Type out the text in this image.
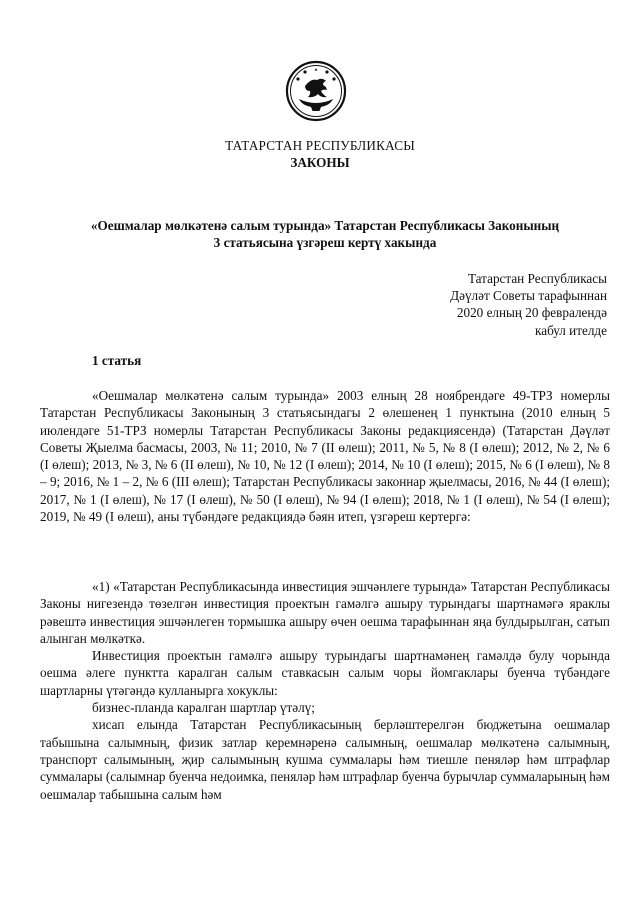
ТАТАРСТАН РЕСПУБЛИКАСЫ
ЗАКОНЫ
«Оешмалар мөлкәтенә салым турында» Татарстан Республикасы Законының
3 статьясына үзгәреш кертү хакында
Татарстан Республикасы
Дәүләт Советы тарафыннан
2020 елның 20 февралендә
кабул ителде
1 статья

«Оешмалар мөлкәтенә салым турында» 2003 елның 28 ноябрендәге 49-ТРЗ номерлы Татарстан Республикасы Законының 3 статьясындагы 2 өлешенең 1 пунктына (2010 елның 5 июлендәге 51-ТРЗ номерлы Татарстан Республикасы Законы редакциясендә) (Татарстан Дәүләт Советы Җыелма басмасы, 2003, № 11; 2010, № 7 (II өлеш); 2011, № 5, № 8 (I өлеш); 2012, № 2, № 6 (I өлеш); 2013, № 3, № 6 (II өлеш), № 10, № 12 (I өлеш); 2014, № 10 (I өлеш); 2015, № 6 (I өлеш), № 8 – 9; 2016, № 1 – 2, № 6 (III өлеш); Татарстан Республикасы законнар җыелмасы, 2016, № 44 (I өлеш); 2017, № 1 (I өлеш), № 17 (I өлеш), № 50 (I өлеш), № 94 (I өлеш); 2018, № 1 (I өлеш), № 54 (I өлеш); 2019, № 49 (I өлеш), аны түбәндәге редакциядә бәян итеп, үзгәреш кертергә:

«1) «Татарстан Республикасында инвестиция эшчәнлеге турында» Татарстан Республикасы Законы нигезендә төзелгән инвестиция проектын гамәлгә ашыру турындагы шартнамәгә яраклы рәвештә инвестиция эшчәнлеген тормышка ашыру өчен оешма тарафыннан яңа булдырылган, сатып алынган мөлкәткә.

Инвестиция проектын гамәлгә ашыру турындагы шартнамәнең гамәлдә булу чорында оешма әлеге пунктта каралган салым ставкасын салым чоры йомгаклары буенча түбәндәге шартларны үтәгәндә кулланырга хокуклы:

бизнес-планда каралган шартлар үтәлү;

хисап елында Татарстан Республикасының берләштерелгән бюджетына оешмалар табышына салымның, физик затлар керемнәренә салымның, оешмалар мөлкәтенә салымның, транспорт салымының, җир салымының кушма суммалары һәм тиешле пеняләр һәм штрафлар суммалары (салымнар буенча недоимка, пеняләр һәм штрафлар буенча бурычлар суммаларының һәм оешмалар табышына салым һәм
